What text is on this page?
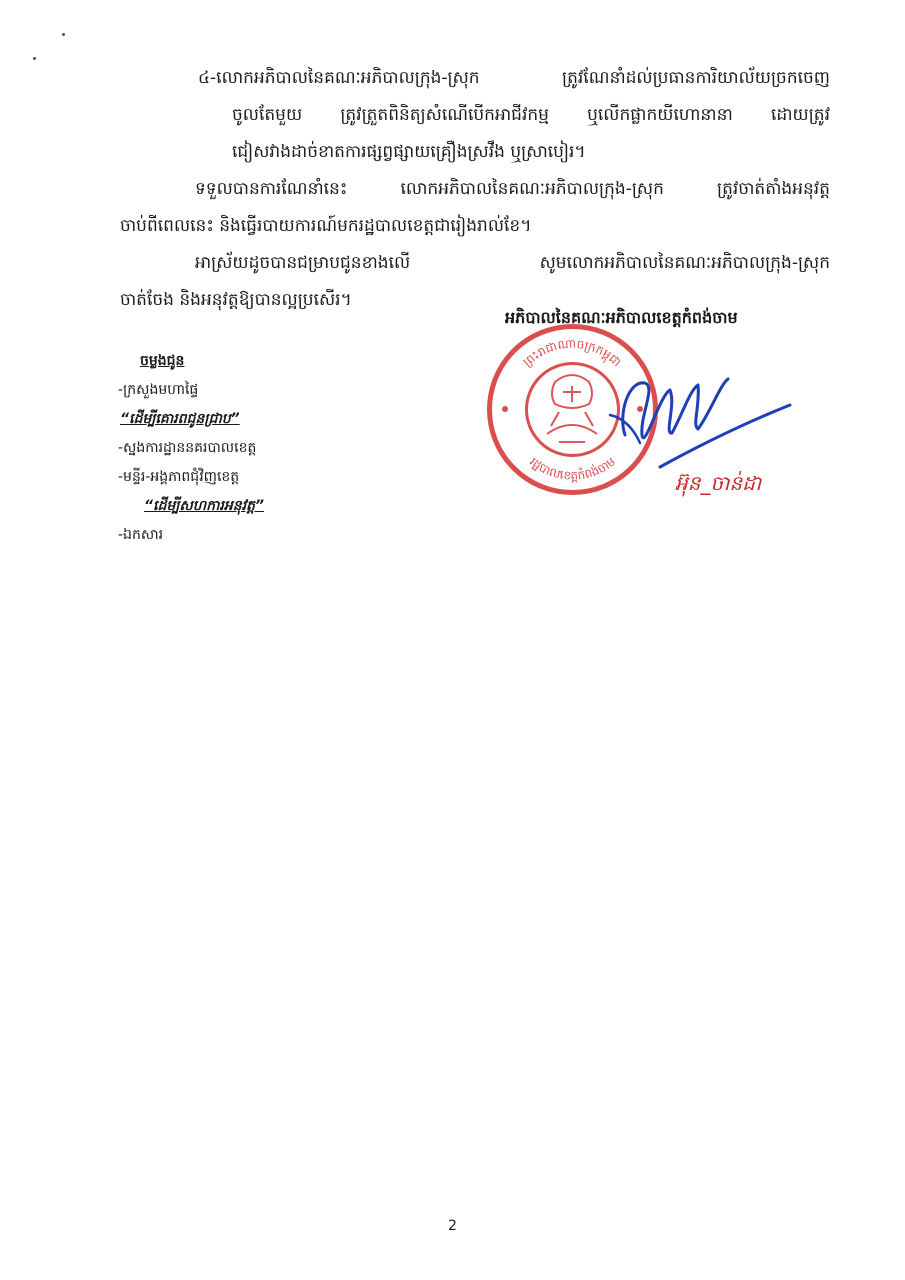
៤-លោកអភិបាលនៃគណៈអភិបាលក្រុង-ស្រុក	ត្រូវណែនាំដល់ប្រធានការិយាល័យច្រកចេញ
ចូលតែមួយ ត្រូវត្រួតពិនិត្យសំណើបើកអាជីវកម្ម ឬលើកផ្លាកយីហោនានា ដោយត្រូវ
ជៀសវាងដាច់ខាតការផ្សព្វផ្សាយគ្រឿងស្រវឹង ឬស្រាបៀរ។
ទទួលបានការណែនាំនេះ	លោកអភិបាលនៃគណៈអភិបាលក្រុង-ស្រុក	ត្រូវចាត់តាំងអនុវត្ត
ចាប់ពីពេលនេះ និងធ្វើរបាយការណ៍មករដ្ឋបាលខេត្តជារៀងរាល់ខែ។
អាស្រ័យដូចបានជម្រាបជូនខាងលើ	សូមលោកអភិបាលនៃគណៈអភិបាលក្រុង-ស្រុក
ចាត់ចែង និងអនុវត្តឱ្យបានល្អប្រសើរ។
អភិបាលនៃគណៈអភិបាលខេត្តកំពង់ចាម
ចម្លងជូន
-ក្រសួងមហាផ្ទៃ
“ដើម្បីគោរពជូនជ្រាប”
-ស្នងការដ្ឋាននគរបាលខេត្ត
-មន្ទីរ-អង្គភាពជុំវិញខេត្ត
“ដើម្បីសហការអនុវត្ត”
-ឯកសារ
ព្រះរាជាណាចក្រកម្ពុជា
រដ្ឋបាលខេត្តកំពង់ចាម
អ៊ុន_ចាន់ដា
2
